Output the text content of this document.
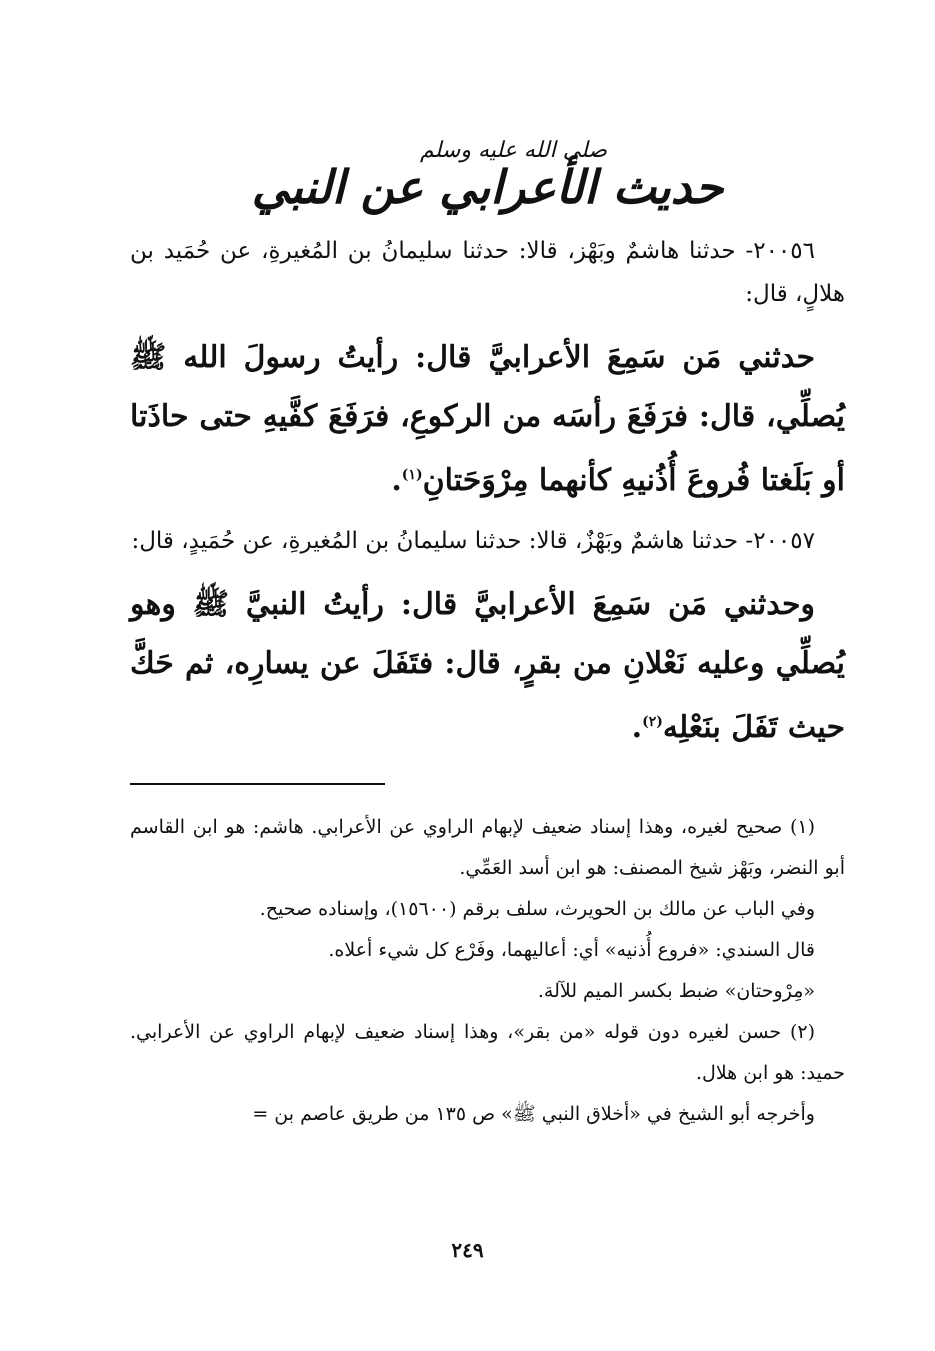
صلى الله عليه وسلم
حديث الأعرابي عن النبي

٢٠٠٥٦- حدثنا هاشمٌ وبَهْز، قالا: حدثنا سليمانُ بن المُغيرةِ، عن حُمَيد بن هلالٍ، قال:

حدثني مَن سَمِعَ الأعرابيَّ قال: رأيتُ رسولَ الله ﷺ يُصلِّي، قال: فرَفَعَ رأسَه من الركوعِ، فرَفَعَ كفَّيهِ حتى حاذَتا أو بَلَغتا فُروعَ أُذُنيهِ كأنهما مِرْوَحَتانِ$^{(١)}$.

٢٠٠٥٧- حدثنا هاشمٌ وبَهْزٌ، قالا: حدثنا سليمانُ بن المُغيرةِ، عن حُمَيدٍ، قال:

وحدثني مَن سَمِعَ الأعرابيَّ قال: رأيتُ النبيَّ ﷺ وهو يُصلِّي وعليه نَعْلانِ من بقرٍ، قال: فتَفَلَ عن يسارِه، ثم حَكَّ حيث تَفَلَ بنَعْلِه$^{(٢)}$.

(١) صحيح لغيره، وهذا إسناد ضعيف لإبهام الراوي عن الأعرابي. هاشم: هو ابن القاسم أبو النضر، وبَهْز شيخ المصنف: هو ابن أسد العَمِّي.

وفي الباب عن مالك بن الحويرث، سلف برقم (١٥٦٠٠)، وإسناده صحيح.

قال السندي: «فروع أُذنيه» أي: أعاليهما، وفَرْع كل شيء أعلاه.

«مِرْوحتان» ضبط بكسر الميم للآلة.

(٢) حسن لغيره دون قوله «من بقر»، وهذا إسناد ضعيف لإبهام الراوي عن الأعرابي. حميد: هو ابن هلال.

وأخرجه أبو الشيخ في «أخلاق النبي ﷺ» ص ١٣٥ من طريق عاصم بن =

٢٤٩
